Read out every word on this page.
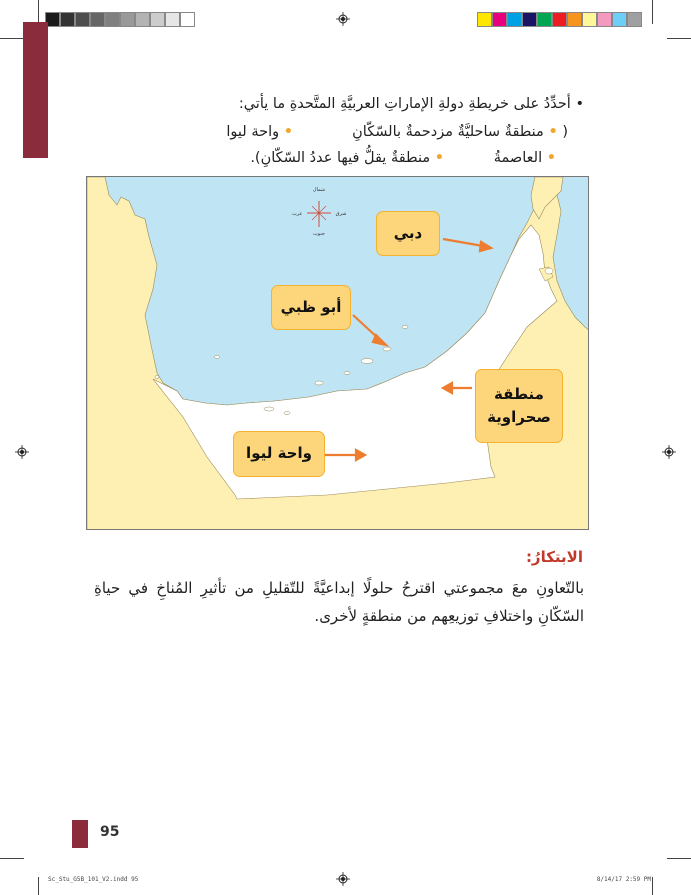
• أحدِّدُ على خريطةِ دولةِ الإماراتِ العربيَّةِ المتَّحدةِ ما يأتي:
( • منطقةٌ ساحليَّةٌ مزدحمةٌ بالسّكّانِ
• واحة ليوا
• العاصمةُ
• منطقةٌ يقلُّ فيها عددُ السّكّانِ).
شمال
جنوب
شرق
غرب
دبي
أبو ظبي
منطقة
صحراوية
واحة ليوا
الابتكارُ:
بالتّعاونِ معَ مجموعتي اقترحُ حلولًا إبداعيَّةً للتّقليلِ من تأثيرِ المُناخِ في حياةِ السّكّانِ واختلافِ توزيعِهم من منطقةٍ لأخرى.
95
Sc_Stu_G5B_101_V2.indd 95	8/14/17 2:59 PM
